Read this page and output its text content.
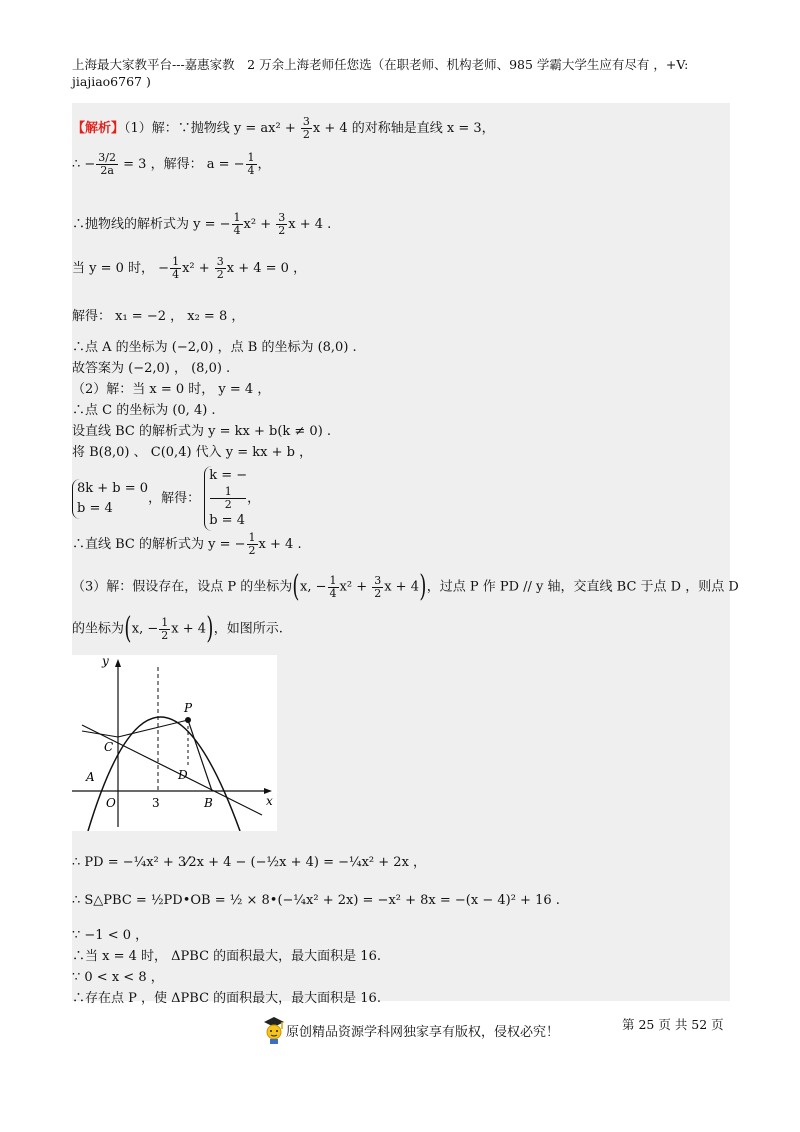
上海最大家教平台---嘉惠家教　2 万余上海老师任您选（在职老师、机构老师、985 学霸大学生应有尽有 ，+V:
jiajiao6767 )
【解析】（1）解：∵抛物线 $y = ax^2 + \frac{3}{2}$ x + 4 的对称轴是直线 x = 3，
∴ − $\frac{3/2}{2a} = 3$ ，解得： a = − $\frac{1}{4}$ ，
∴抛物线的解析式为 y = − $\frac{1}{4} x^2 + \frac{3}{2}$ x + 4 .
当 y = 0 时， − $\frac{1}{4} x^2 + \frac{3}{2}$ x + 4 = 0 ，
解得： x₁ = −2 ， x₂ = 8 ，
∴点 A 的坐标为 (−2,0) ，点 B 的坐标为 (8,0) .
故答案为 (−2,0) ， (8,0) .
（2）解：当 x = 0 时， y = 4 ，
∴点 C 的坐标为 (0, 4) .
设直线 BC 的解析式为 y = kx + b(k ≠ 0) .
将 B(8,0) 、 C(0,4) 代入 y = kx + b ，
8k + b = 0
b = 4
，解得：
k = −
1
2
b = 4
，
∴直线 BC 的解析式为 y = − $\frac{1}{2}$ x + 4 .
（3）解：假设存在，设点 P 的坐标为(x, − $\frac{1}{4} x^2 + \frac{3}{2}$ x + 4)，过点 P 作 PD // y 轴，交直线 BC 于点 D ，则点 D
的坐标为(x, − $\frac{1}{2}$ x + 4)，如图所示.
y
x
O
A
B
C
D
P
3
∴ PD = −¼x² + 3⁄2x + 4 − (−½x + 4) = −¼x² + 2x ，
∴ S△PBC = ½PD•OB = ½ × 8•(−¼x² + 2x) = −x² + 8x = −(x − 4)² + 16 .
∵ −1 < 0 ，
∴当 x = 4 时， ΔPBC 的面积最大，最大面积是 16.
∵ 0 < x < 8 ，
∴存在点 P ，使 ΔPBC 的面积最大，最大面积是 16.
原创精品资源学科网独家享有版权，侵权必究！	第 25 页 共 52 页
